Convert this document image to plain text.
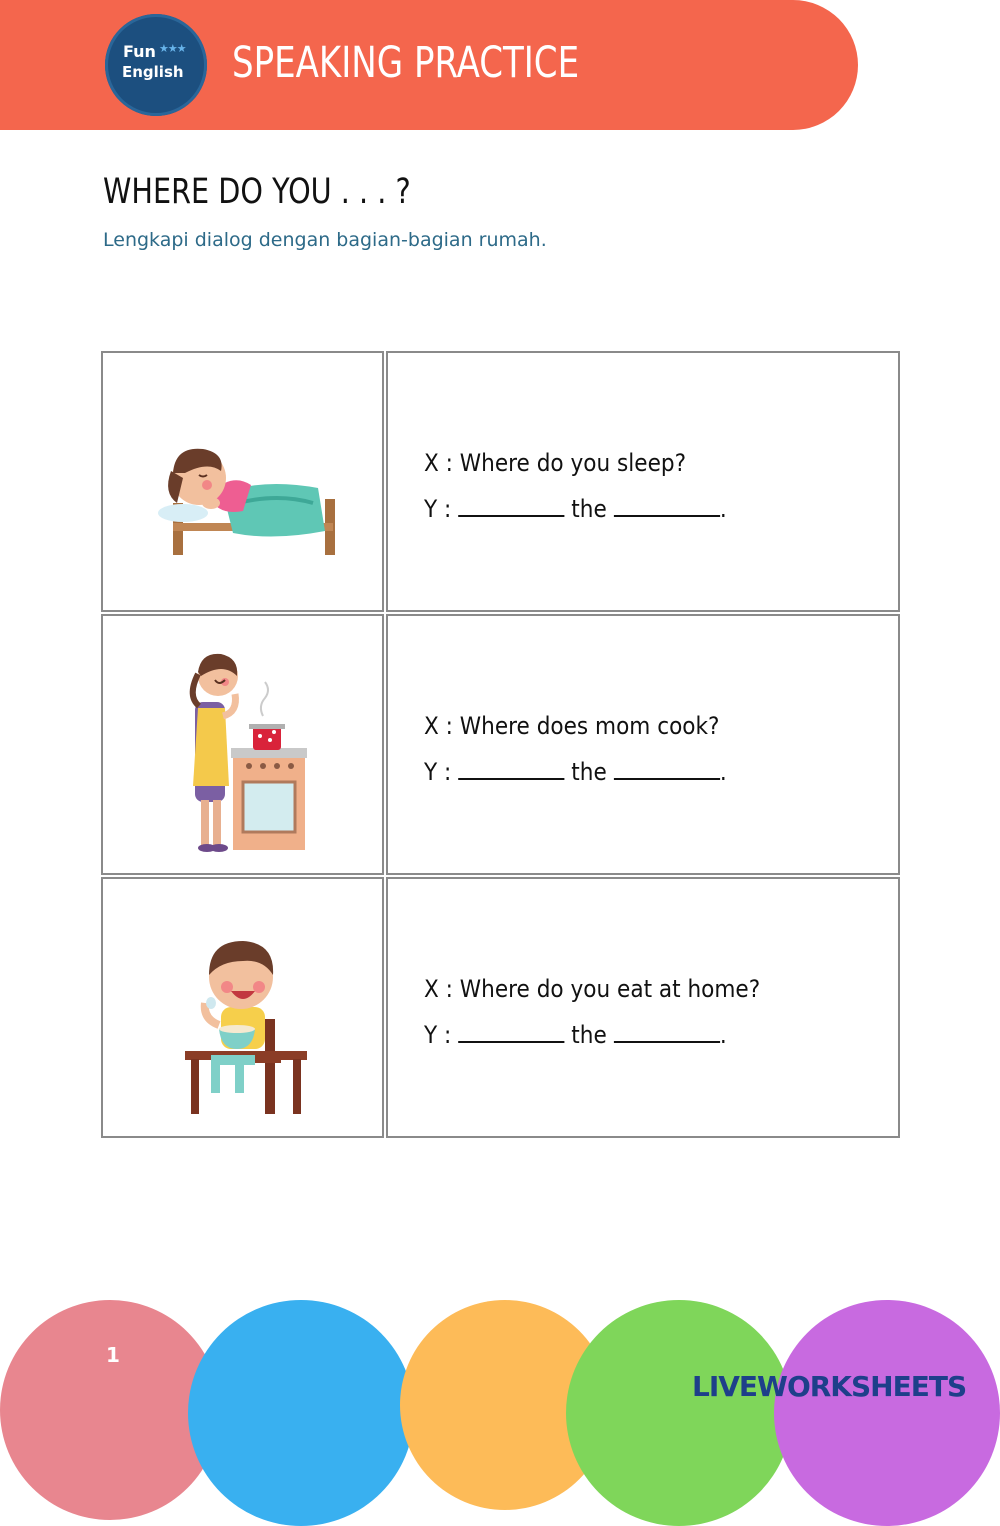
Fun ★★★
English SPEAKING PRACTICE
WHERE DO YOU . . . ?
Lengkapi dialog dengan bagian-bagian rumah.
X : Where do you sleep?
Y :	the	.
X : Where does mom cook?
Y :	the	.
X : Where do you eat at home?
Y :	the	.
1
LIVEWORKSHEETS
